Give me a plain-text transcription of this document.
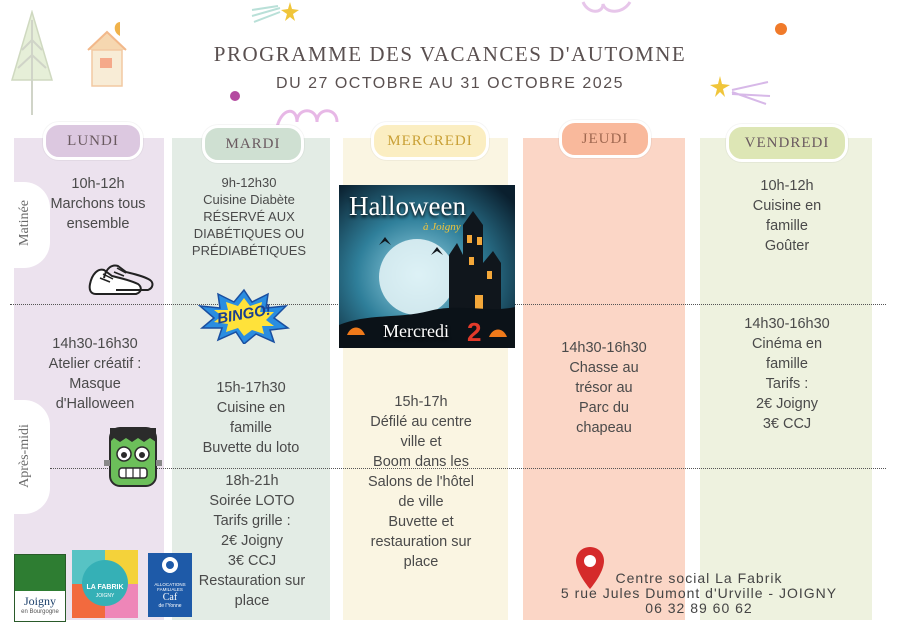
PROGRAMME DES VACANCES D'AUTOMNE
DU 27 OCTOBRE AU 31 OCTOBRE 2025
LUNDI	MARDI	MERCREDI	JEUDI	VENDREDI
Matinée
Après-midi
10h-12h
Marchons tous
ensemble
14h30-16h30
Atelier créatif :
Masque
d'Halloween
9h-12h30
Cuisine Diabète
RÉSERVÉ AUX
DIABÉTIQUES OU
PRÉDIABÉTIQUES
BINGO!
15h-17h30
Cuisine en
famille
Buvette du loto
18h-21h
Soirée LOTO
Tarifs grille :
2€ Joigny
3€ CCJ
Restauration sur
place
Halloween
à Joigny
Mercredi 2
15h-17h
Défilé au centre
ville et
Boom dans les
Salons de l'hôtel
de ville
Buvette et
restauration sur
place
14h30-16h30
Chasse au
trésor au
Parc du
chapeau
10h-12h
Cuisine en
famille
Goûter
14h30-16h30
Cinéma en
famille
Tarifs :
2€ Joigny
3€ CCJ
Centre social La Fabrik
5 rue Jules Dumont d'Urville - JOIGNY
06 32 89 60 62
Joigny
en Bourgogne
LA FABRIK
JOIGNY
ALLOCATIONS
FAMILIALES
Caf
de l'Yonne
